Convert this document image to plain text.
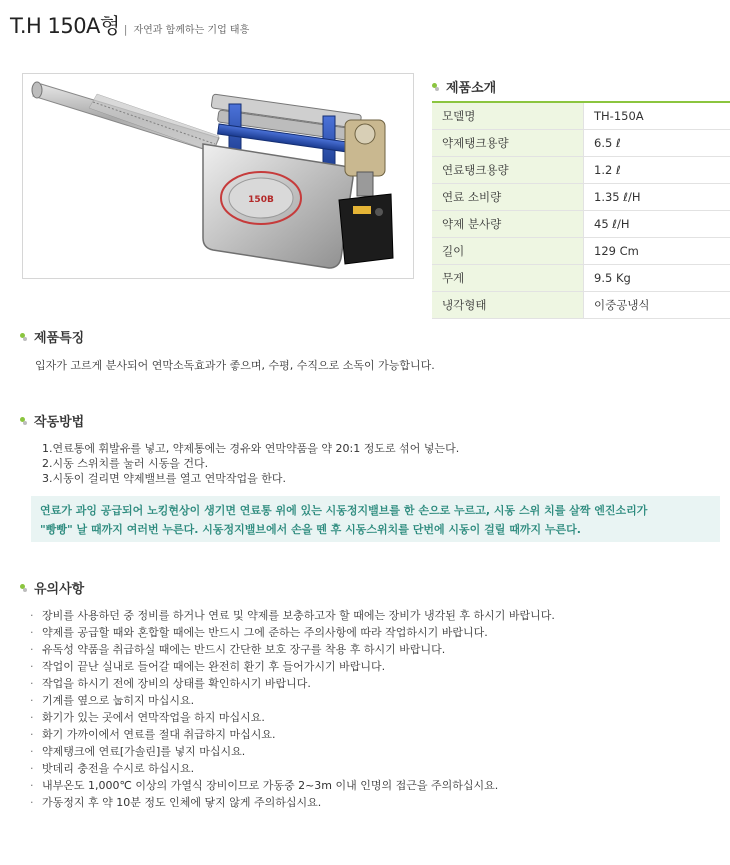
T.H 150A형 | 자연과 함께하는 기업 태흥
150B
제품소개
모델명	TH-150A
약제탱크용량	6.5 ℓ
연료탱크용량	1.2 ℓ
연료 소비량	1.35 ℓ/H
약제 분사량	45 ℓ/H
길이	129 Cm
무게	9.5 Kg
냉각형태	이중공냉식
제품특징
입자가 고르게 분사되어 연막소독효과가 좋으며, 수평, 수직으로 소독이 가능합니다.
작동방법
1.연료통에 휘발유를 넣고, 약제통에는 경유와 연막약품을 약 20:1 정도로 섞어 넣는다.
2.시동 스위치를 눌러 시동을 건다.
3.시동이 걸리면 약제밸브를 열고 연막작업을 한다.
연료가 과잉 공급되어 노킹현상이 생기면 연료통 위에 있는 시동정지밸브를 한 손으로 누르고, 시동 스위 치를 살짝 엔진소리가
"빵빵" 날 때까지 여러번 누른다. 시동정지밸브에서 손을 뗀 후 시동스위치를 단번에 시동이 걸릴 때까지 누른다.
유의사항
· 장비를 사용하던 중 정비를 하거나 연료 및 약제를 보충하고자 할 때에는 장비가 냉각된 후 하시기 바랍니다.
· 약제를 공급할 때와 혼합할 때에는 반드시 그에 준하는 주의사항에 따라 작업하시기 바랍니다.
· 유독성 약품을 취급하실 때에는 반드시 간단한 보호 장구를 착용 후 하시기 바랍니다.
· 작업이 끝난 실내로 들어갈 때에는 완전히 환기 후 들어가시기 바랍니다.
· 작업을 하시기 전에 장비의 상태를 확인하시기 바랍니다.
· 기계를 옆으로 눕히지 마십시요.
· 화기가 있는 곳에서 연막작업을 하지 마십시요.
· 화기 가까이에서 연료를 절대 취급하지 마십시요.
· 약제탱크에 연료[가솔린]를 넣지 마십시요.
· 밧데리 충전을 수시로 하십시요.
· 내부온도 1,000℃ 이상의 가열식 장비이므로 가동중 2~3m 이내 인명의 접근을 주의하십시요.
· 가동정지 후 약 10분 정도 인체에 닿지 않게 주의하십시요.
